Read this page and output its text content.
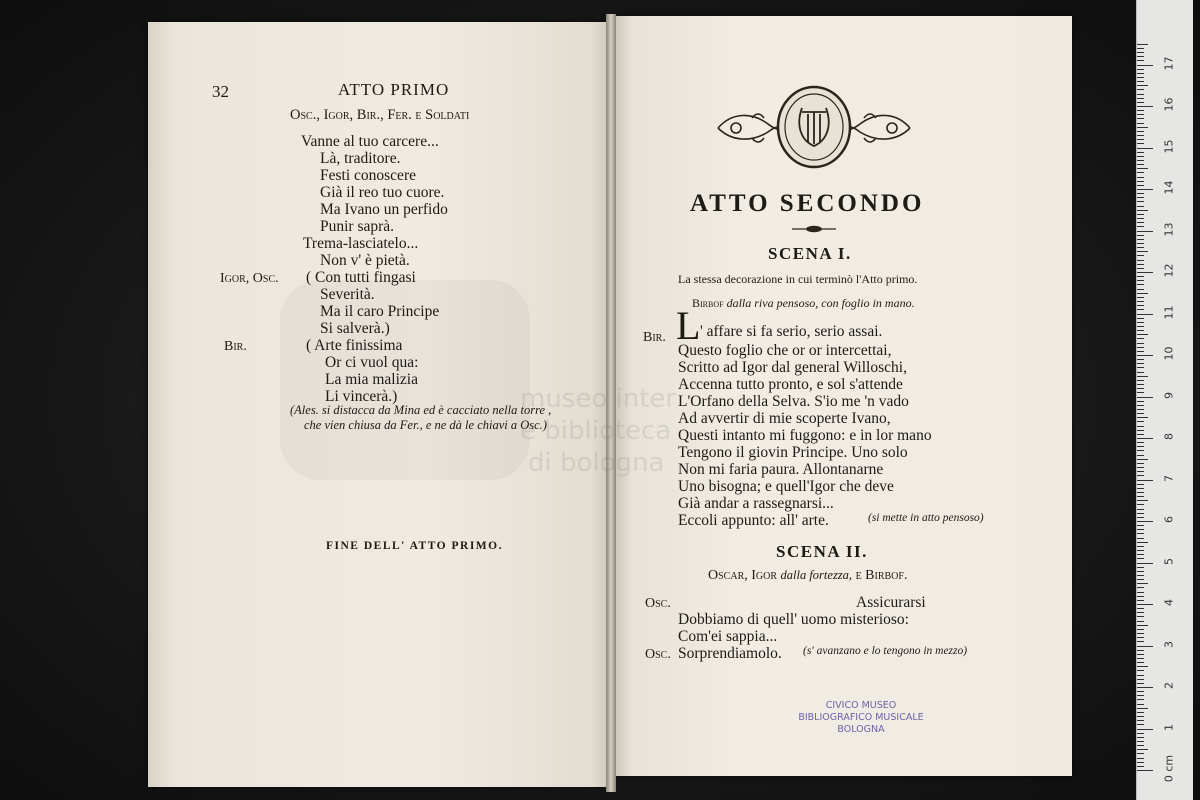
museo inter
e biblioteca
di bologna
32	ATTO PRIMO
Osc., Igor, Bir., Fer. e Soldati
Vanne al tuo carcere...
Là, traditore.
Festi conoscere
Già il reo tuo cuore.
Ma Ivano un perfido
Punir saprà.
Trema-lasciatelo...
Non v' è pietà.
Igor, Osc. ( Con tutti fingasi
Severità.
Ma il caro Principe
Si salverà.)
Bir.	( Arte finissima
Or ci vuol qua:
La mia malizia
Li vincerà.)
(Ales. si distacca da Mina ed è cacciato nella torre ,
che vien chiusa da Fer., e ne dà le chiavi a Osc.)
FINE DELL' ATTO PRIMO.
ATTO SECONDO
SCENA I.
La stessa decorazione in cui terminò l'Atto primo.
Birbof dalla riva pensoso, con foglio in mano.
Bir. L ' affare si fa serio, serio assai.
Questo foglio che or or intercettai,
Scritto ad Igor dal general Willoschi,
Accenna tutto pronto, e sol s'attende
L'Orfano della Selva. S'io me 'n vado
Ad avvertir di mie scoperte Ivano,
Questi intanto mi fuggono: e in lor mano
Tengono il giovin Principe. Uno solo
Non mi faria paura. Allontanarne
Uno bisogna; e quell'Igor che deve
Già andar a rassegnarsi...
Eccoli appunto: all' arte.	(si mette in atto pensoso)
SCENA II.
Oscar, Igor dalla fortezza, e Birbof.
Osc.	Assicurarsi
Dobbiamo di quell' uomo misterioso:
Com'ei sappia...
Osc. Sorprendiamolo. (s' avanzano e lo tengono in mezzo)
CIVICO MUSEO
BIBLIOGRAFICO MUSICALE
BOLOGNA
0 cm
1
2
3
4
5
6
7
8
9
10
11
12
13
14
15
16
17
